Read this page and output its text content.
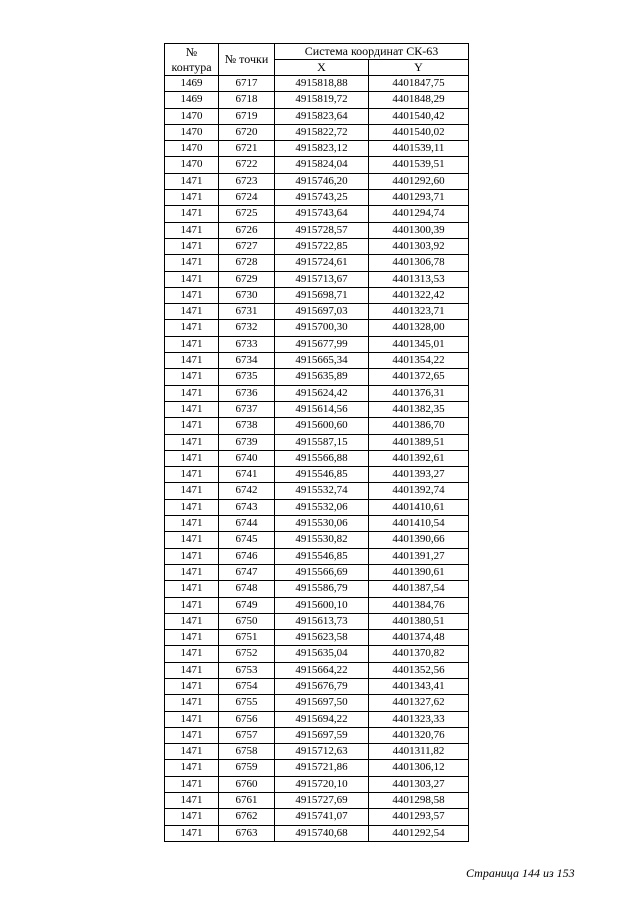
№
контура	№ точки	Система координат СК-63	
		X	Y
1469	6717	4915818,88	4401847,75
1469	6718	4915819,72	4401848,29
1470	6719	4915823,64	4401540,42
1470	6720	4915822,72	4401540,02
1470	6721	4915823,12	4401539,11
1470	6722	4915824,04	4401539,51
1471	6723	4915746,20	4401292,60
1471	6724	4915743,25	4401293,71
1471	6725	4915743,64	4401294,74
1471	6726	4915728,57	4401300,39
1471	6727	4915722,85	4401303,92
1471	6728	4915724,61	4401306,78
1471	6729	4915713,67	4401313,53
1471	6730	4915698,71	4401322,42
1471	6731	4915697,03	4401323,71
1471	6732	4915700,30	4401328,00
1471	6733	4915677,99	4401345,01
1471	6734	4915665,34	4401354,22
1471	6735	4915635,89	4401372,65
1471	6736	4915624,42	4401376,31
1471	6737	4915614,56	4401382,35
1471	6738	4915600,60	4401386,70
1471	6739	4915587,15	4401389,51
1471	6740	4915566,88	4401392,61
1471	6741	4915546,85	4401393,27
1471	6742	4915532,74	4401392,74
1471	6743	4915532,06	4401410,61
1471	6744	4915530,06	4401410,54
1471	6745	4915530,82	4401390,66
1471	6746	4915546,85	4401391,27
1471	6747	4915566,69	4401390,61
1471	6748	4915586,79	4401387,54
1471	6749	4915600,10	4401384,76
1471	6750	4915613,73	4401380,51
1471	6751	4915623,58	4401374,48
1471	6752	4915635,04	4401370,82
1471	6753	4915664,22	4401352,56
1471	6754	4915676,79	4401343,41
1471	6755	4915697,50	4401327,62
1471	6756	4915694,22	4401323,33
1471	6757	4915697,59	4401320,76
1471	6758	4915712,63	4401311,82
1471	6759	4915721,86	4401306,12
1471	6760	4915720,10	4401303,27
1471	6761	4915727,69	4401298,58
1471	6762	4915741,07	4401293,57
1471	6763	4915740,68	4401292,54
Страница 144 из 153
